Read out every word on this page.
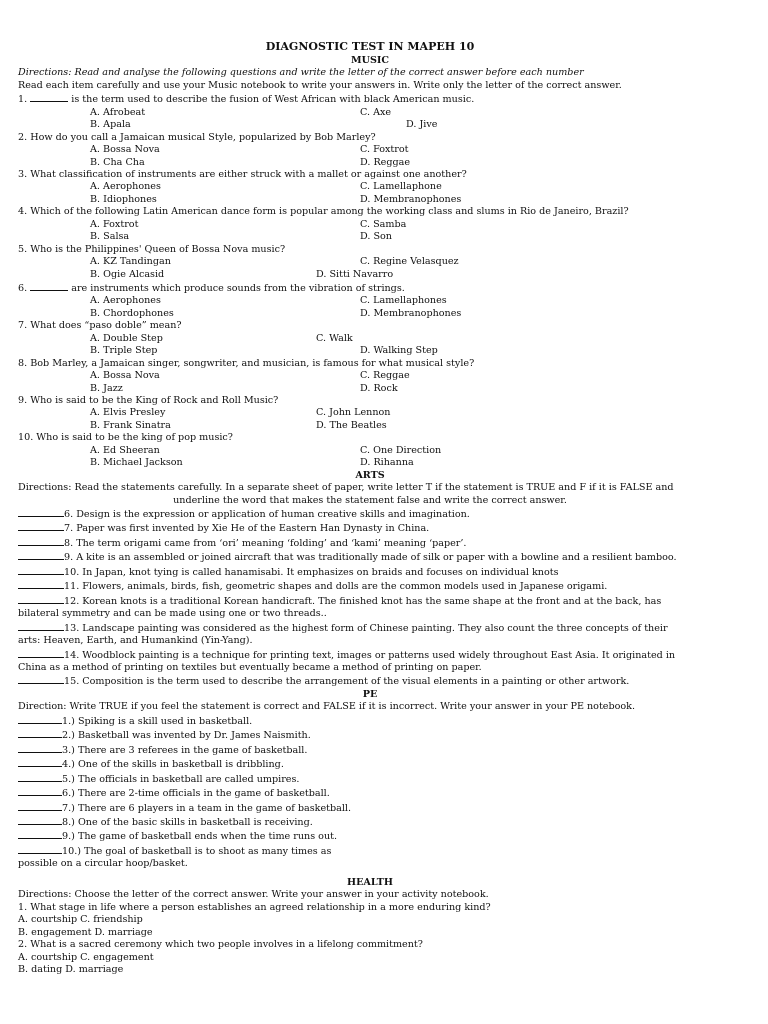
DIAGNOSTIC TEST IN MAPEH 10
MUSIC
Directions: Read and analyse the following questions and write the letter of the correct answer before each number
Read each item carefully and use your Music notebook to write your answers in. Write only the letter of the correct answer.
1.	is the term used to describe the fusion of West African with black American music.
A. Afrobeat	C. Axe
B. Apala	D. Jive
2. How do you call a Jamaican musical Style, popularized by Bob Marley?
A. Bossa Nova	C. Foxtrot
B. Cha Cha	D. Reggae
3. What classification of instruments are either struck with a mallet or against one another?
A. Aerophones	C. Lamellaphone
B. Idiophones	D. Membranophones
4. Which of the following Latin American dance form is popular among the working class and slums in Rio de Janeiro, Brazil?
A. Foxtrot	C. Samba
B. Salsa	D. Son
5. Who is the Philippines' Queen of Bossa Nova music?
A. KZ Tandingan	C. Regine Velasquez
B. Ogie Alcasid	D. Sitti Navarro
6.	are instruments which produce sounds from the vibration of strings.
A. Aerophones	C. Lamellaphones
B. Chordophones	D. Membranophones
7. What does “paso doble” mean?
A. Double Step	C. Walk
B. Triple Step	D. Walking Step
8. Bob Marley, a Jamaican singer, songwriter, and musician, is famous for what musical style?
A. Bossa Nova	C. Reggae
B. Jazz	D. Rock
9. Who is said to be the King of Rock and Roll Music?
A. Elvis Presley	C. John Lennon
B. Frank Sinatra	D. The Beatles
10. Who is said to be the king of pop music?
A. Ed Sheeran	C. One Direction
B. Michael Jackson	D. Rihanna
ARTS
Directions: Read the statements carefully. In a separate sheet of paper, write letter T if the statement is TRUE and F if it is FALSE and
underline the word that makes the statement false and write the correct answer.
6. Design is the expression or application of human creative skills and imagination.
7. Paper was first invented by Xie He of the Eastern Han Dynasty in China.
8. The term origami came from ‘ori’ meaning ‘folding’ and ‘kami’ meaning ‘paper’.
9. A kite is an assembled or joined aircraft that was traditionally made of silk or paper with a bowline and a resilient bamboo.
10. In Japan, knot tying is called hanamisabi. It emphasizes on braids and focuses on individual knots
11. Flowers, animals, birds, fish, geometric shapes and dolls are the common models used in Japanese origami.
12. Korean knots is a traditional Korean handicraft. The finished knot has the same shape at the front and at the back, has
bilateral symmetry and can be made using one or two threads..
13. Landscape painting was considered as the highest form of Chinese painting. They also count the three concepts of their
arts: Heaven, Earth, and Humankind (Yin-Yang).
14. Woodblock painting is a technique for printing text, images or patterns used widely throughout East Asia. It originated in
China as a method of printing on textiles but eventually became a method of printing on paper.
15. Composition is the term used to describe the arrangement of the visual elements in a painting or other artwork.
PE
Direction: Write TRUE if you feel the statement is correct and FALSE if it is incorrect. Write your answer in your PE notebook.
1.) Spiking is a skill used in basketball.
2.) Basketball was invented by Dr. James Naismith.
3.) There are 3 referees in the game of basketball.
4.) One of the skills in basketball is dribbling.
5.) The officials in basketball are called umpires.
6.) There are 2-time officials in the game of basketball.
7.) There are 6 players in a team in the game of basketball.
8.) One of the basic skills in basketball is receiving.
9.) The game of basketball ends when the time runs out.
10.) The goal of basketball is to shoot as many times as
possible on a circular hoop/basket.
HEALTH
Directions: Choose the letter of the correct answer. Write your answer in your activity notebook.
1. What stage in life where a person establishes an agreed relationship in a more enduring kind?
A. courtship C. friendship
B. engagement D. marriage
2. What is a sacred ceremony which two people involves in a lifelong commitment?
A. courtship C. engagement
B. dating D. marriage
